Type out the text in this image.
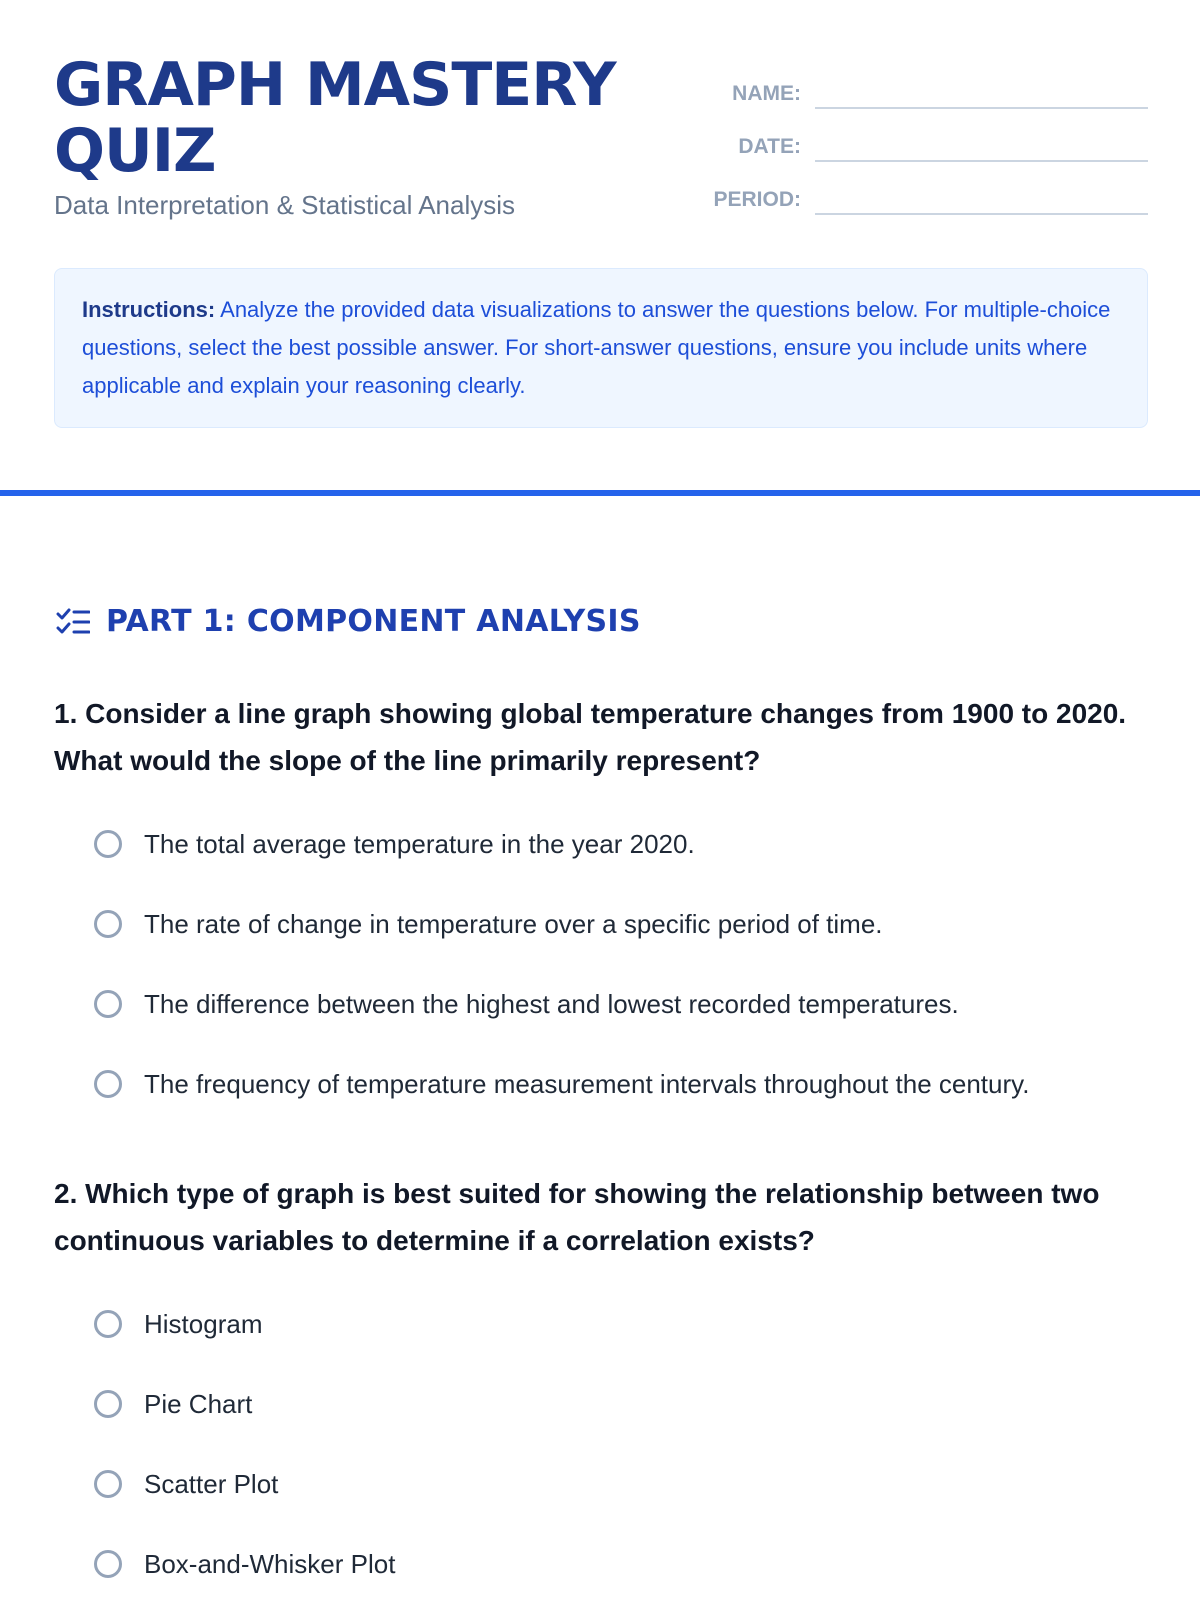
GRAPH MASTERY QUIZ
Data Interpretation & Statistical Analysis
NAME:
DATE:
PERIOD:
Instructions: Analyze the provided data visualizations to answer the questions below. For multiple-choice questions, select the best possible answer. For short-answer questions, ensure you include units where applicable and explain your reasoning clearly.
PART 1: COMPONENT ANALYSIS
1. Consider a line graph showing global temperature changes from 1900 to 2020. What would the slope of the line primarily represent?
The total average temperature in the year 2020.
The rate of change in temperature over a specific period of time.
The difference between the highest and lowest recorded temperatures.
The frequency of temperature measurement intervals throughout the century.
2. Which type of graph is best suited for showing the relationship between two continuous variables to determine if a correlation exists?
Histogram
Pie Chart
Scatter Plot
Box-and-Whisker Plot
